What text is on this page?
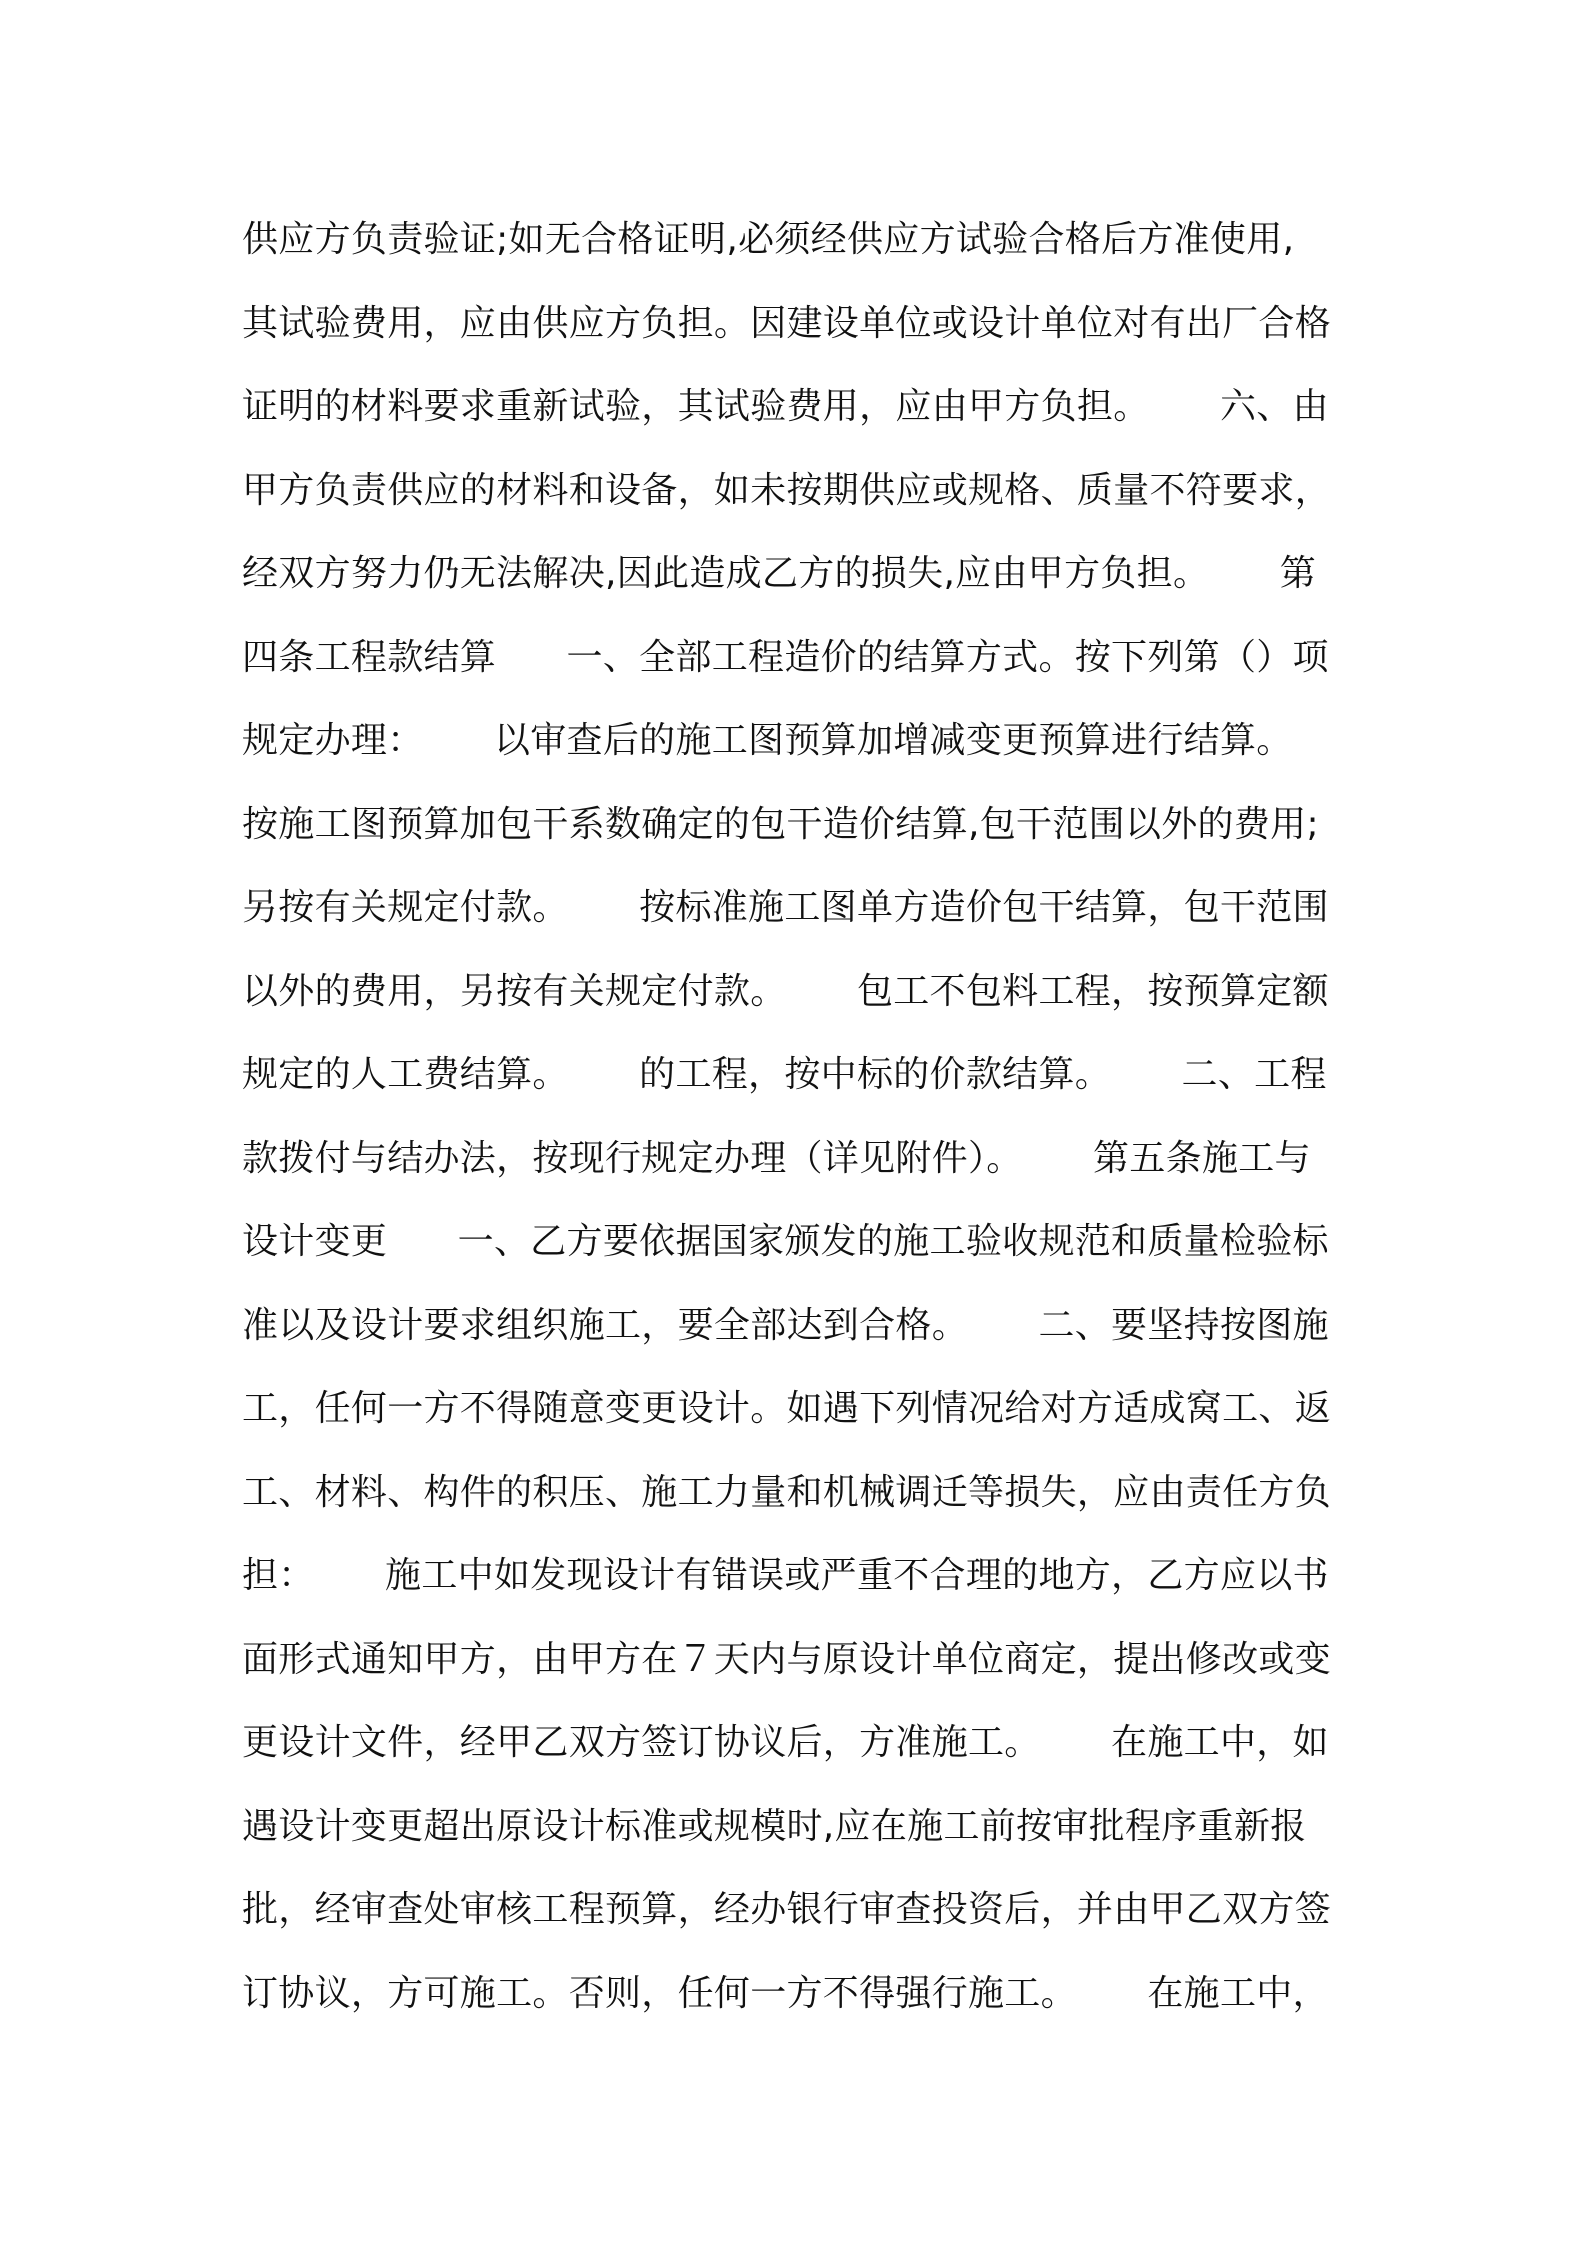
供应方负责验证;如无合格证明,必须经供应方试验合格后方准使用,
其试验费用，应由供应方负担。因建设单位或设计单位对有出厂合格
证明的材料要求重新试验，其试验费用，应由甲方负担。      六、由
甲方负责供应的材料和设备，如未按期供应或规格、质量不符要求，
经双方努力仍无法解决,因此造成乙方的损失,应由甲方负担。      第
四条工程款结算      一、全部工程造价的结算方式。按下列第（）项
规定办理：      以审查后的施工图预算加增减变更预算进行结算。
按施工图预算加包干系数确定的包干造价结算,包干范围以外的费用;
另按有关规定付款。      按标准施工图单方造价包干结算，包干范围
以外的费用，另按有关规定付款。      包工不包料工程，按预算定额
规定的人工费结算。      的工程，按中标的价款结算。      二、工程
款拨付与结办法，按现行规定办理（详见附件）。      第五条施工与
设计变更      一、乙方要依据国家颁发的施工验收规范和质量检验标
准以及设计要求组织施工，要全部达到合格。      二、要坚持按图施
工，任何一方不得随意变更设计。如遇下列情况给对方适成窝工、返
工、材料、构件的积压、施工力量和机械调迁等损失，应由责任方负
担：      施工中如发现设计有错误或严重不合理的地方，乙方应以书
面形式通知甲方，由甲方在７天内与原设计单位商定，提出修改或变
更设计文件，经甲乙双方签订协议后，方准施工。      在施工中，如
遇设计变更超出原设计标准或规模时,应在施工前按审批程序重新报
批，经审查处审核工程预算，经办银行审查投资后，并由甲乙双方签
订协议，方可施工。否则，任何一方不得强行施工。      在施工中，
